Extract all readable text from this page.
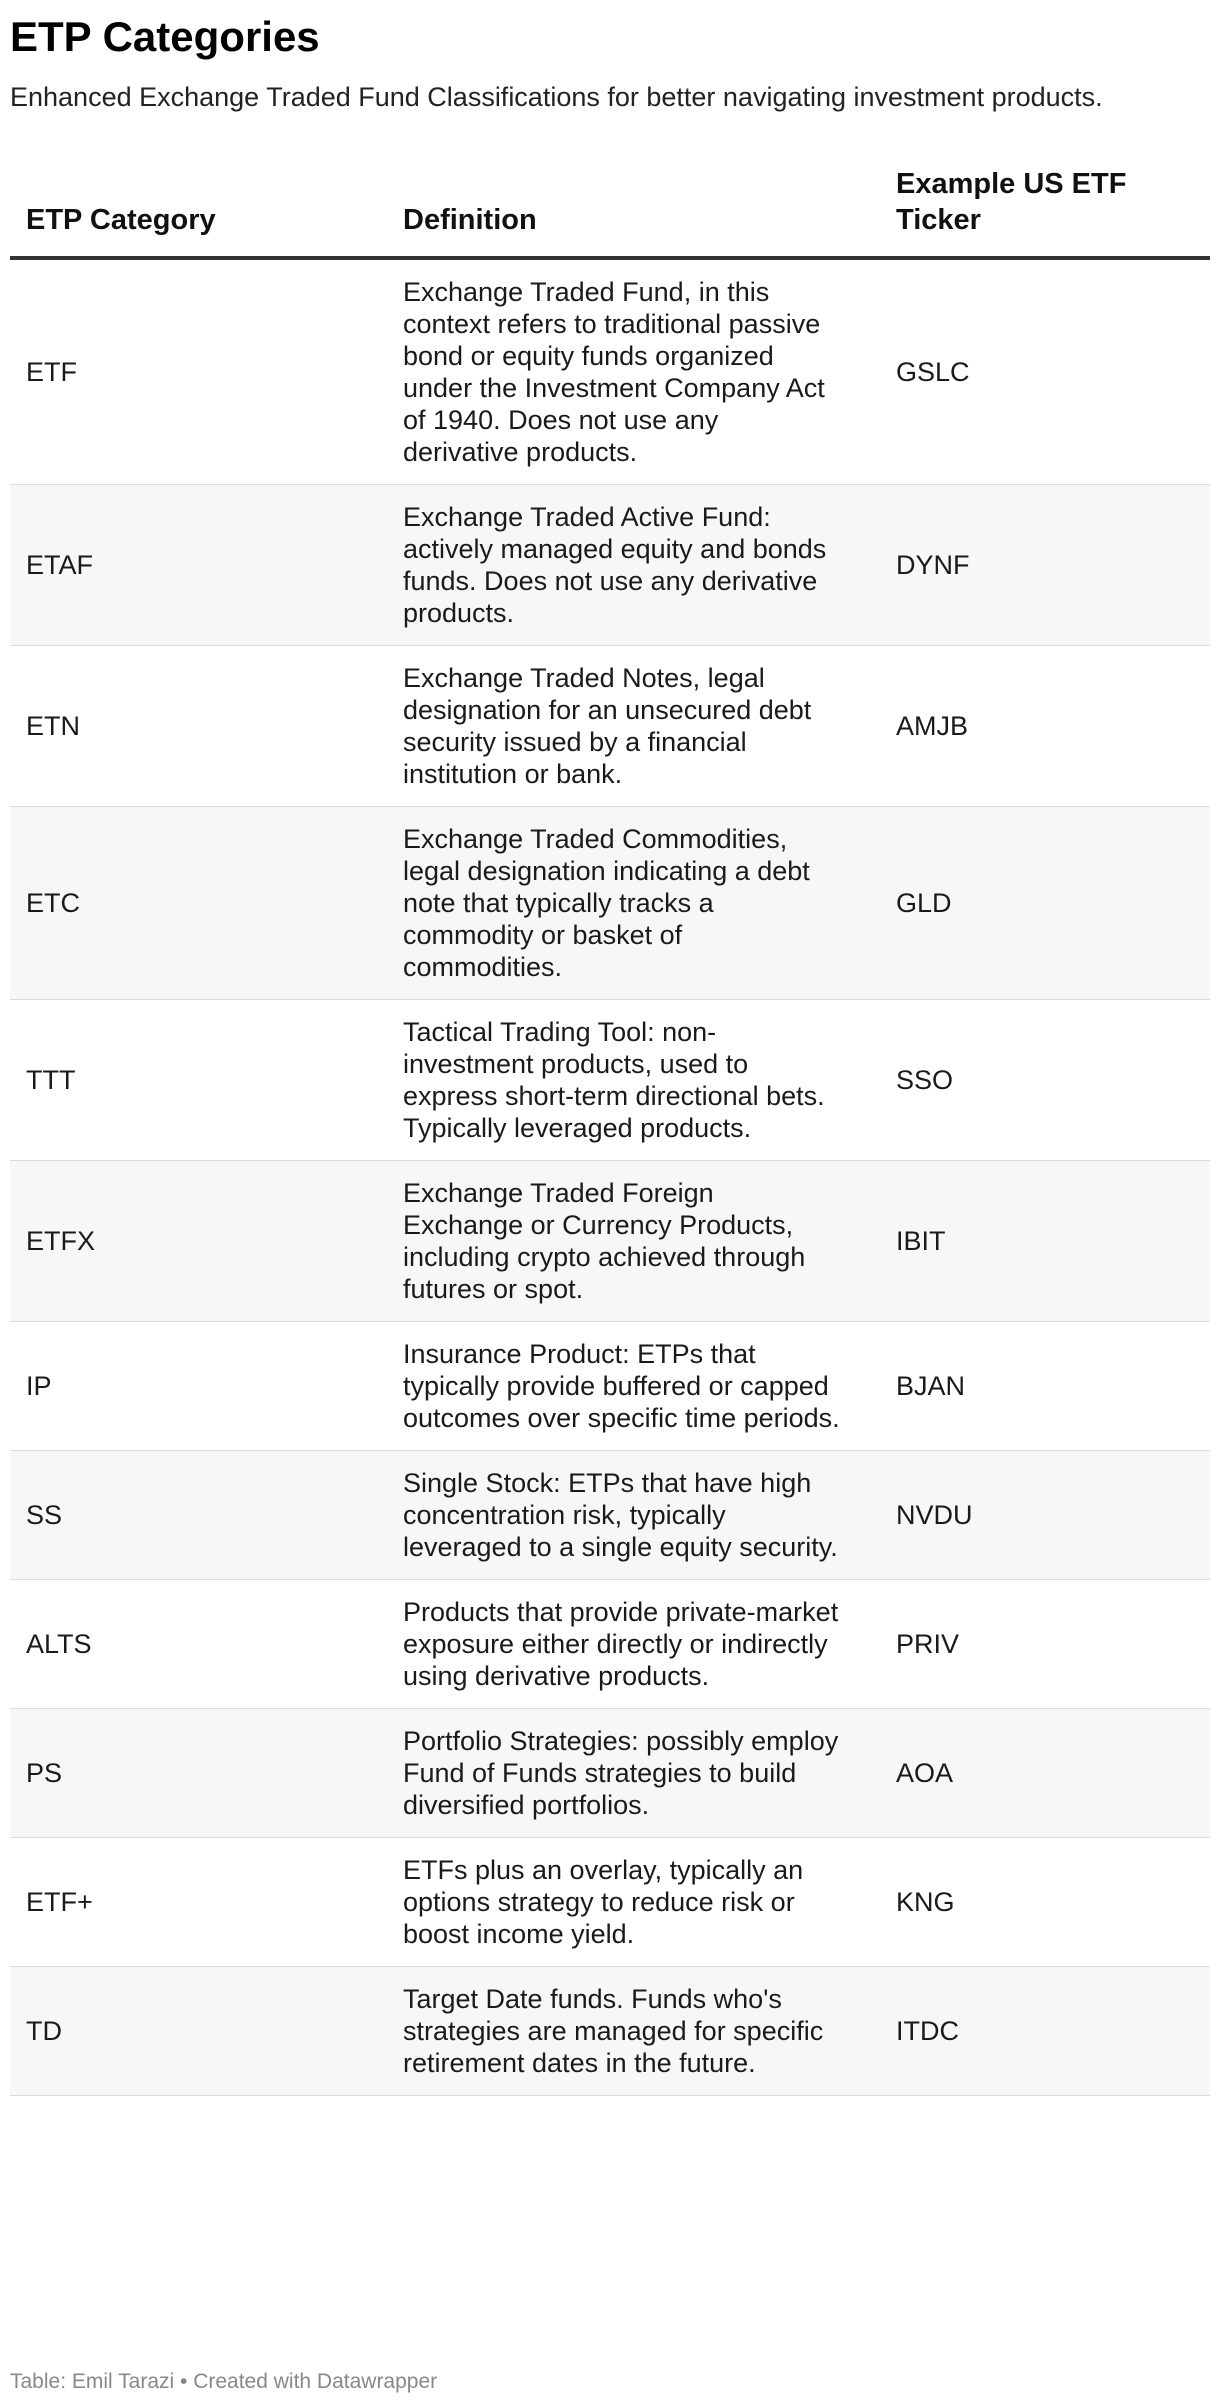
ETP Categories

Enhanced Exchange Traded Fund Classifications for better navigating investment products.

ETP Category	Definition	Example US ETF Ticker
ETF	Exchange Traded Fund, in this context refers to traditional passive bond or equity funds organized under the Investment Company Act of 1940. Does not use any derivative products.	GSLC
ETAF	Exchange Traded Active Fund: actively managed equity and bonds funds. Does not use any derivative products.	DYNF
ETN	Exchange Traded Notes, legal designation for an unsecured debt security issued by a financial institution or bank.	AMJB
ETC	Exchange Traded Commodities, legal designation indicating a debt note that typically tracks a commodity or basket of commodities.	GLD
TTT	Tactical Trading Tool: non-investment products, used to express short-term directional bets. Typically leveraged products.	SSO
ETFX	Exchange Traded Foreign Exchange or Currency Products, including crypto achieved through futures or spot.	IBIT
IP	Insurance Product: ETPs that typically provide buffered or capped outcomes over specific time periods.	BJAN
SS	Single Stock: ETPs that have high concentration risk, typically leveraged to a single equity security.	NVDU
ALTS	Products that provide private-market exposure either directly or indirectly using derivative products.	PRIV
PS	Portfolio Strategies: possibly employ Fund of Funds strategies to build diversified portfolios.	AOA
ETF+	ETFs plus an overlay, typically an options strategy to reduce risk or boost income yield.	KNG
TD	Target Date funds. Funds who's strategies are managed for specific retirement dates in the future.	ITDC
Table: Emil Tarazi • Created with Datawrapper
